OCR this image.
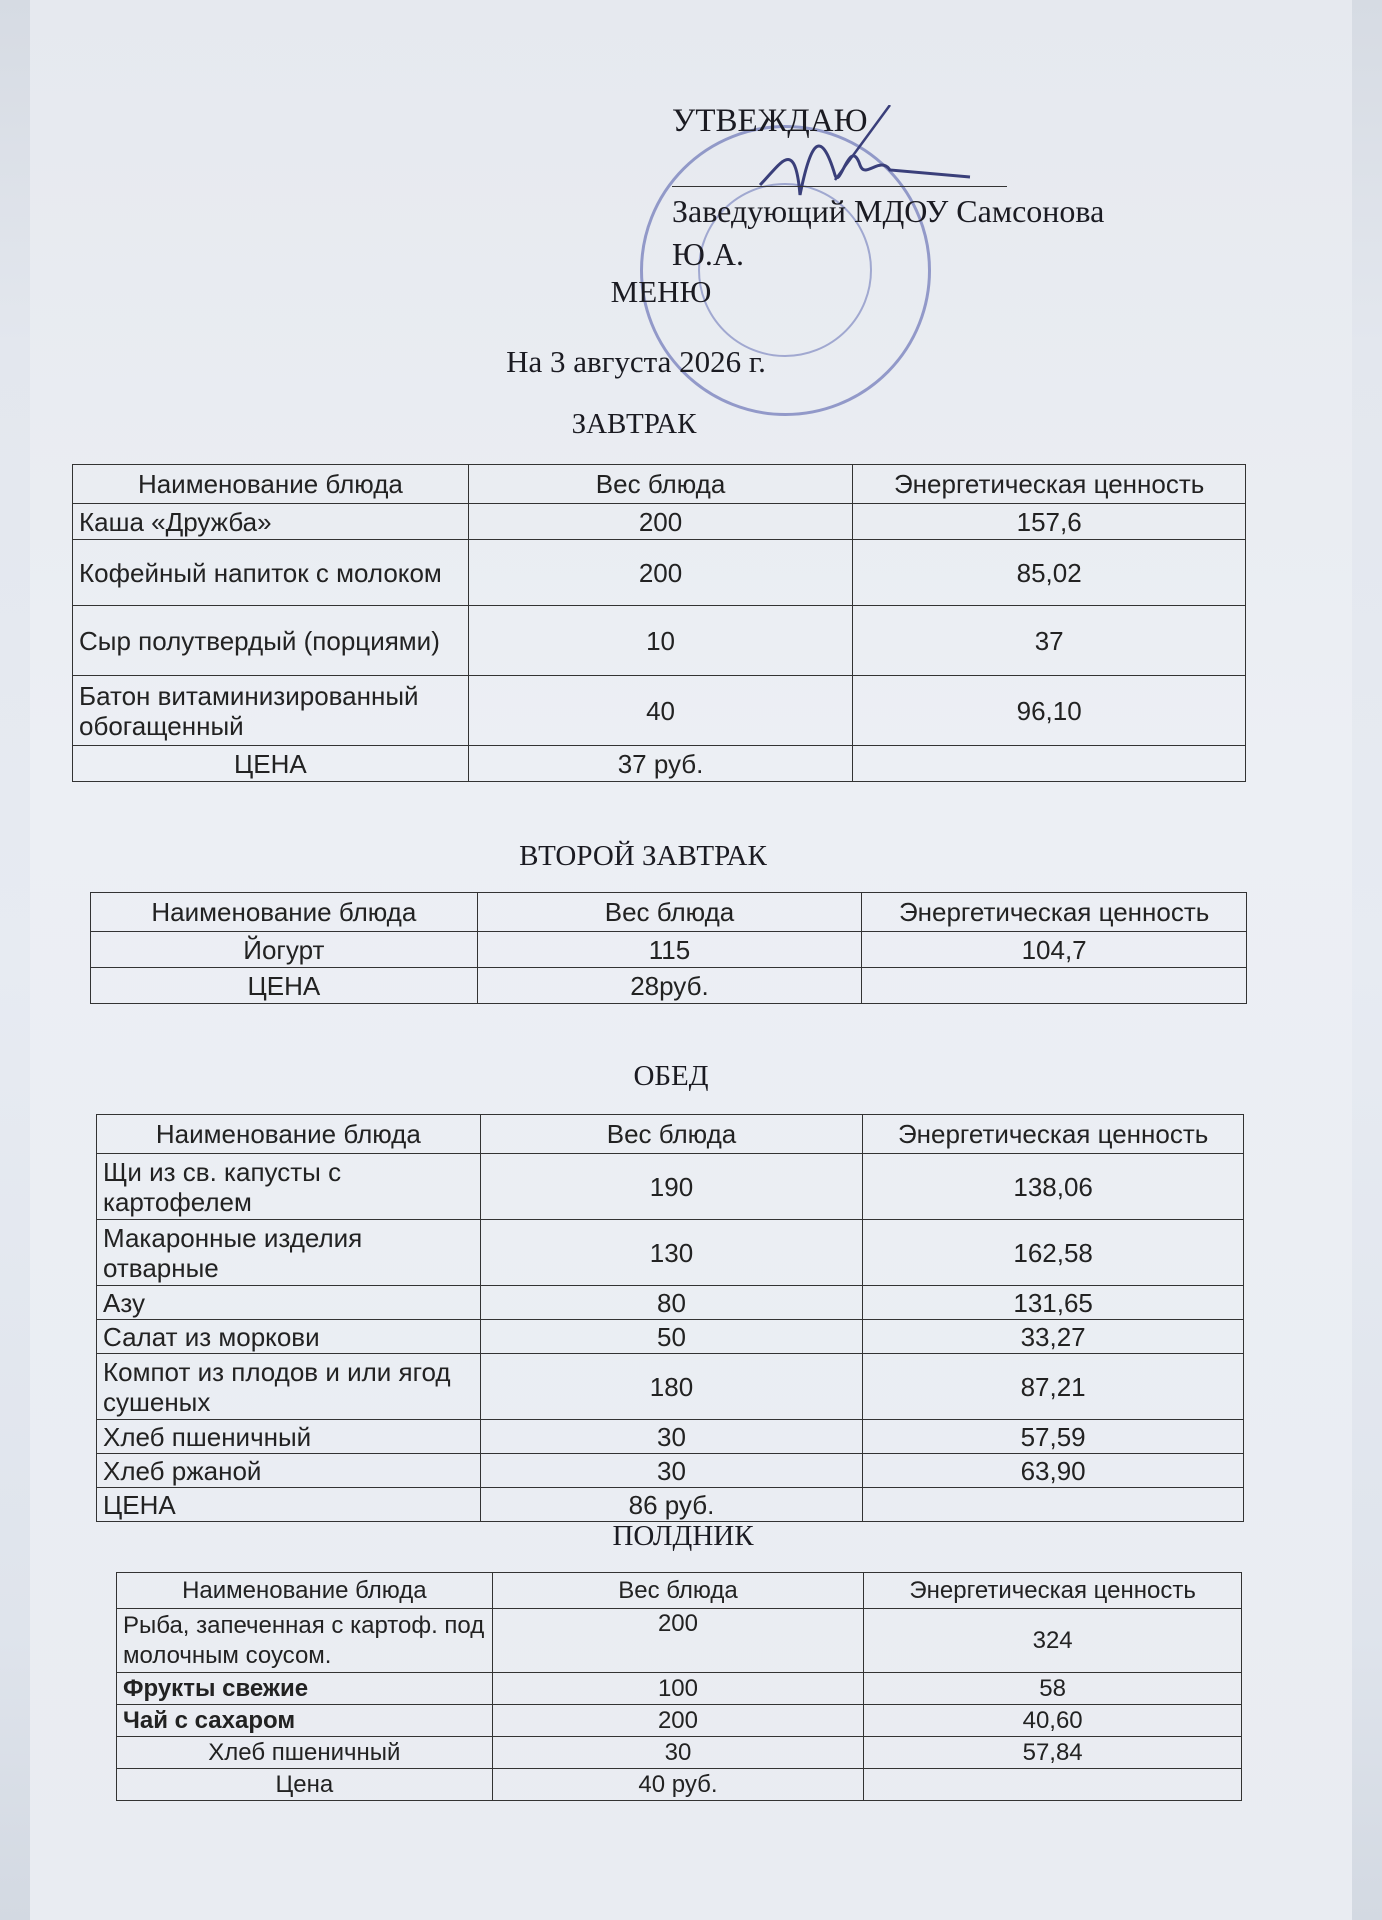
УТВЕЖДАЮ
Заведующий МДОУ Самсонова
Ю.А.
МЕНЮ
На 3 августа 2026 г.
ЗАВТРАК
Наименование блюда	Вес блюда	Энергетическая ценность
Каша «Дружба»	200	157,6
Кофейный напиток с молоком	200	85,02
Сыр полутвердый (порциями)	10	37
Батон витаминизированный обогащенный	40	96,10
ЦЕНА	37 руб.	
ВТОРОЙ ЗАВТРАК
Наименование блюда	Вес блюда	Энергетическая ценность
Йогурт	115	104,7
ЦЕНА	28руб.	
ОБЕД
Наименование блюда	Вес блюда	Энергетическая ценность
Щи из св. капусты с картофелем	190	138,06
Макаронные изделия отварные	130	162,58
Азу	80	131,65
Салат из моркови	50	33,27
Компот из плодов и или ягод сушеных	180	87,21
Хлеб пшеничный	30	57,59
Хлеб ржаной	30	63,90
ЦЕНА	86 руб.	
ПОЛДНИК
Наименование блюда	Вес блюда	Энергетическая ценность
Рыба, запеченная с картоф. под молочным соусом.	200	324
Фрукты свежие	100	58
Чай с сахаром	200	40,60
Хлеб пшеничный	30	57,84
Цена	40 руб.	
